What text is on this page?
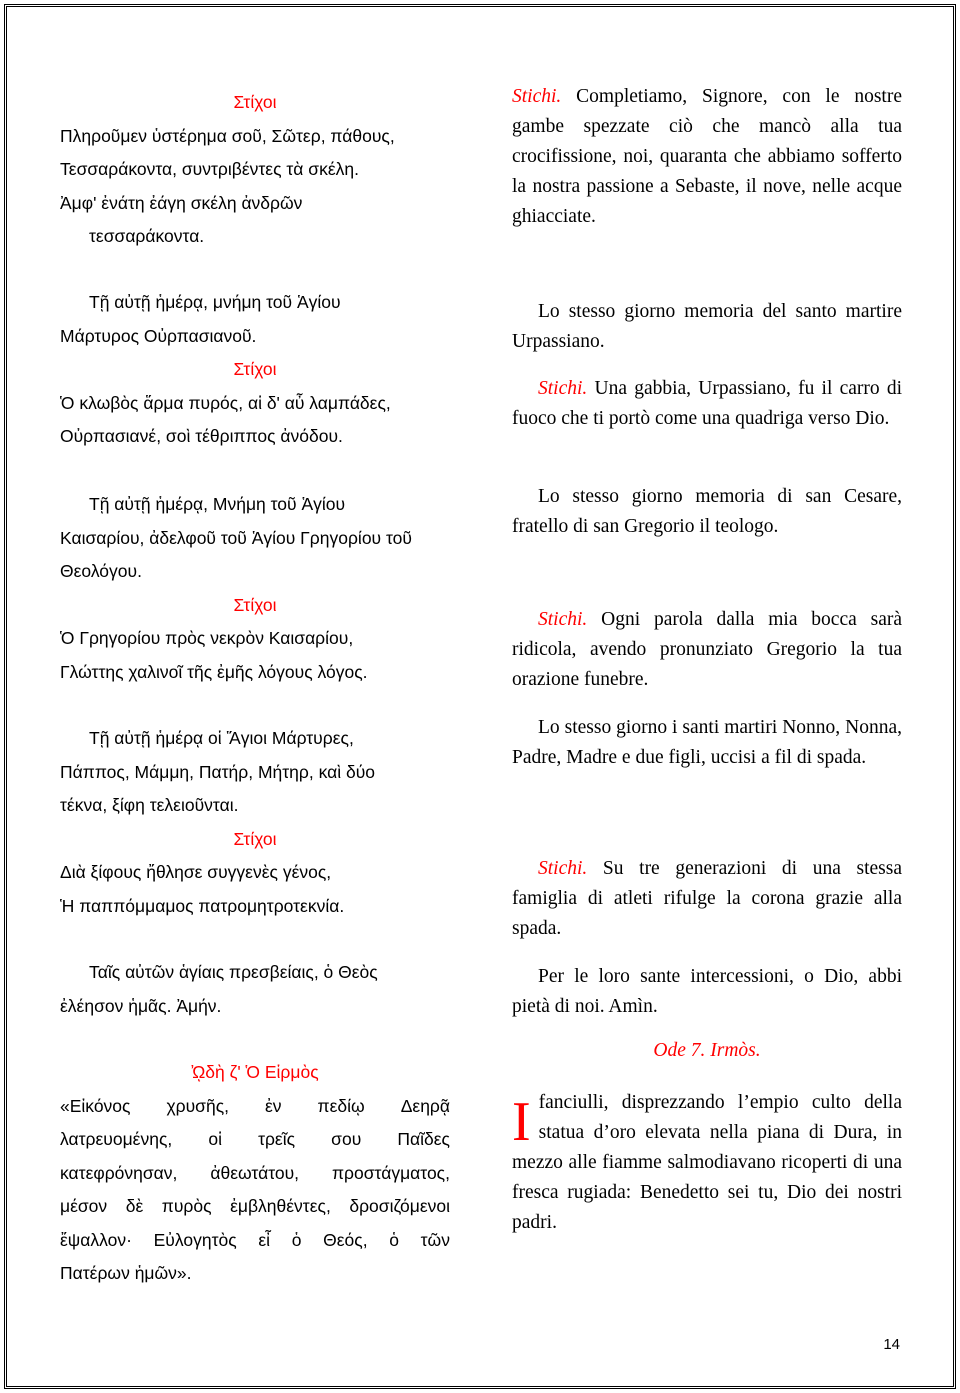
Στίχοι
Πληροῦμεν ὑστέρημα σοῦ, Σῶτερ, πάθους,
Τεσσαράκοντα, συντριβέντες τὰ σκέλη.
Ἀμφ' ἐνάτη ἐάγη σκέλη ἀνδρῶν
τεσσαράκοντα.
Τῇ αὐτῇ ἡμέρᾳ, μνήμη τοῦ Ἁγίου
Μάρτυρος Οὐρπασιανοῦ.
Στίχοι
Ὁ κλωβὸς ἅρμα πυρός, αἱ δ' αὖ λαμπάδες,
Οὐρπασιανέ, σοὶ τέθριππος ἀνόδου.
Τῇ αὐτῇ ἡμέρᾳ, Μνήμη τοῦ Ἁγίου
Καισαρίου, ἀδελφοῦ τοῦ Ἁγίου Γρηγορίου τοῦ
Θεολόγου.
Στίχοι
Ὁ Γρηγορίου πρὸς νεκρὸν Καισαρίου,
Γλώττης χαλινοῖ τῆς ἐμῆς λόγους λόγος.
Τῇ αὐτῇ ἡμέρᾳ οἱ Ἅγιοι Μάρτυρες,
Πάππος, Μάμμη, Πατήρ, Μήτηρ, καὶ δύο
τέκνα, ξίφη τελειοῦνται.
Στίχοι
Διὰ ξίφους ἤθλησε συγγενὲς γένος,
Ἡ παππόμμαμος πατρομητροτεκνία.
Ταῖς αὐτῶν ἁγίαις πρεσβείαις, ὁ Θεὸς
ἐλέησον ἡμᾶς. Ἀμήν.
ᾨδὴ ζ' Ὁ Εἱρμὸς
«Εἰκόνος χρυσῆς, ἐν πεδίῳ Δεηρᾷ
λατρευομένης, οἱ τρεῖς σου Παῖδες
κατεφρόνησαν, ἀθεωτάτου, προστάγματος,
μέσον δὲ πυρὸς ἐμβληθέντες, δροσιζόμενοι
ἔψαλλον· Εὐλογητὸς εἶ ὁ Θεός, ὁ τῶν
Πατέρων ἡμῶν».

Stichi. Completiamo, Signore, con le nostre gambe spezzate ciò che mancò alla tua crocifissione, noi, quaranta che abbiamo sofferto la nostra passione a Sebaste, il nove, nelle acque ghiacciate.

Lo stesso giorno memoria del santo martire Urpassiano.

Stichi. Una gabbia, Urpassiano, fu il carro di fuoco che ti portò come una quadriga verso Dio.

Lo stesso giorno memoria di san Cesare, fratello di san Gregorio il teologo.

Stichi. Ogni parola dalla mia bocca sarà ridicola, avendo pronunziato Gregorio la tua orazione funebre.

Lo stesso giorno i santi martiri Nonno, Nonna, Padre, Madre e due figli, uccisi a fil di spada.

Stichi. Su tre generazioni di una stessa famiglia di atleti rifulge la corona grazie alla spada.

Per le loro sante intercessioni, o Dio, abbi pietà di noi. Amìn.

Ode 7. Irmòs.
I fanciulli, disprezzando l’empio culto della statua d’oro elevata nella piana di Dura, in mezzo alle fiamme salmodiavano ricoperti di una fresca rugiada: Benedetto sei tu, Dio dei nostri padri.
14
